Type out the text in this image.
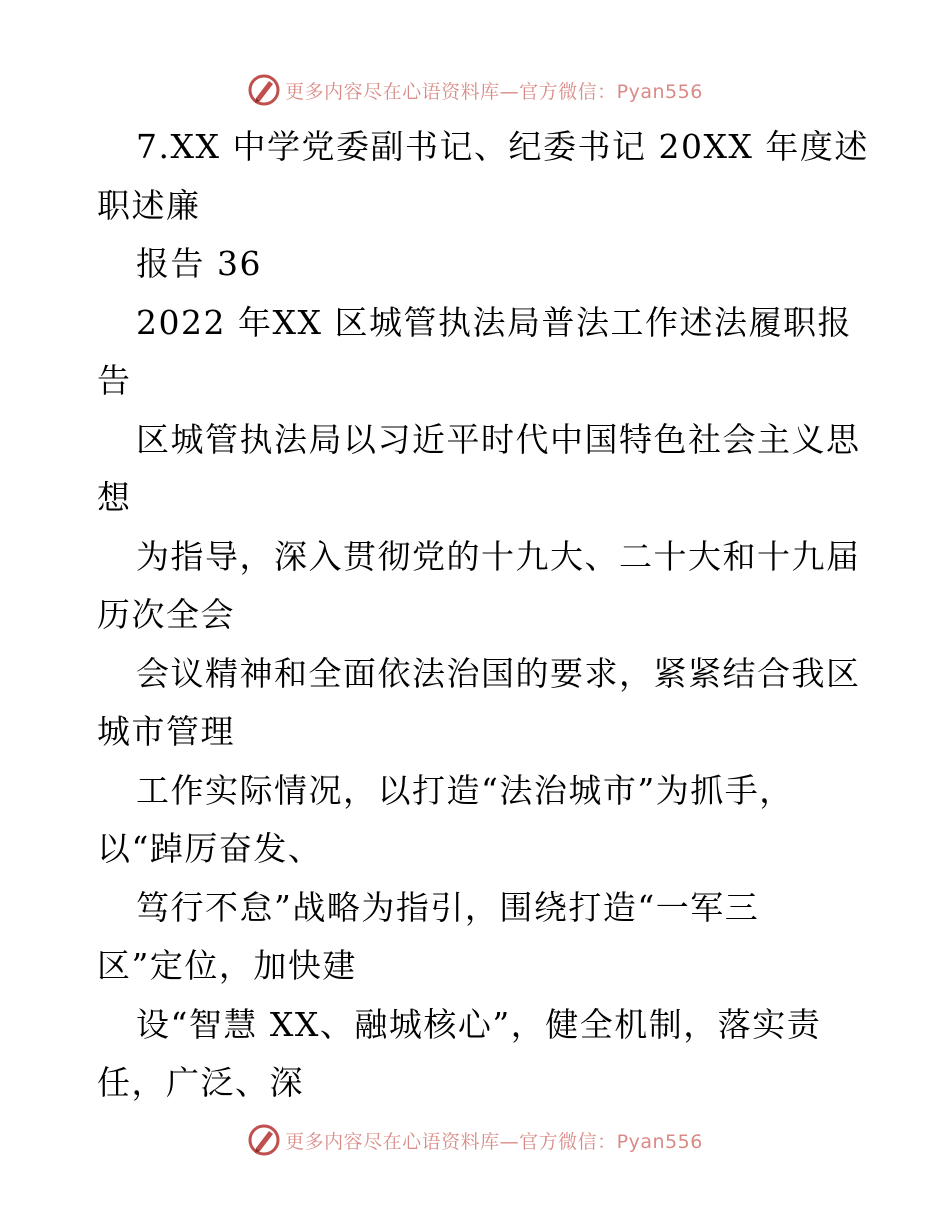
更多内容尽在心语资料库—官方微信：Pyan556
7.XX 中学党委副书记、纪委书记 20XX 年度述
职述廉
报告 36
2022 年XX 区城管执法局普法工作述法履职报
告
区城管执法局以习近平时代中国特色社会主义思
想
为指导，深入贯彻党的十九大、二十大和十九届
历次全会
会议精神和全面依法治国的要求，紧紧结合我区
城市管理
工作实际情况，以打造“法治城市”为抓手，
以“踔厉奋发、
笃行不怠”战略为指引，围绕打造“一军三
区”定位，加快建
设“智慧 XX、融城核心”，健全机制，落实责
任，广泛、深
更多内容尽在心语资料库—官方微信：Pyan556
